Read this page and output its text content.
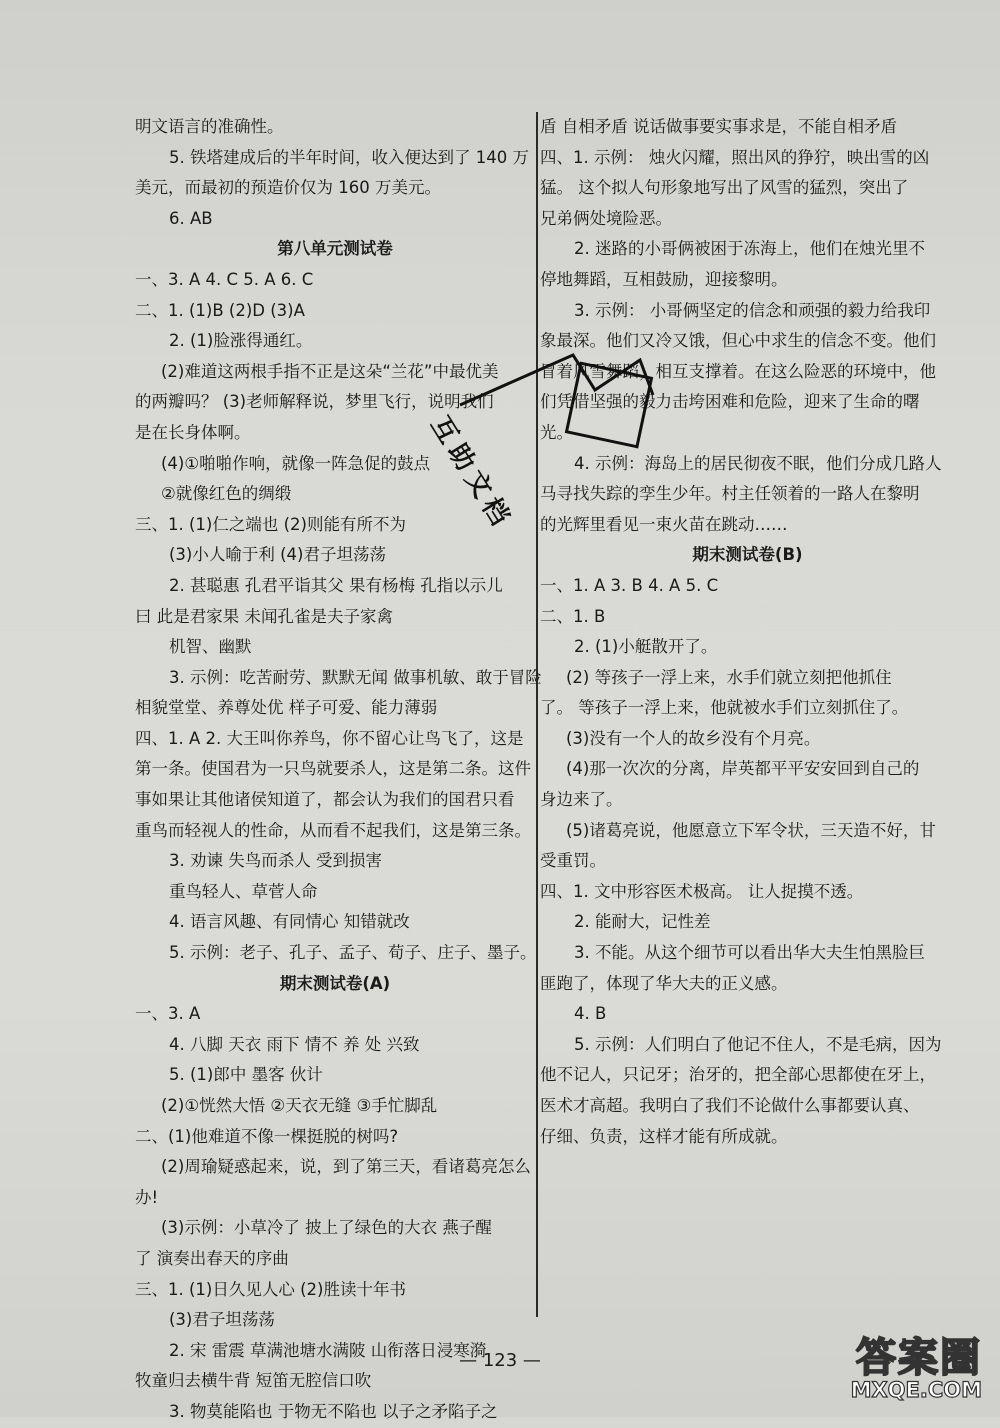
明文语言的准确性。
5. 铁塔建成后的半年时间，收入便达到了 140 万
美元，而最初的预造价仅为 160 万美元。
6. AB
第八单元测试卷
一、3. A 4. C 5. A 6. C
二、1. (1)B (2)D (3)A
2. (1)脸涨得通红。
(2)难道这两根手指不正是这朵“兰花”中最优美
的两瓣吗？ (3)老师解释说，梦里飞行，说明我们
是在长身体啊。
(4)①啪啪作响，就像一阵急促的鼓点
②就像红色的绸缎
三、1. (1)仁之端也 (2)则能有所不为
(3)小人喻于利 (4)君子坦荡荡
2. 甚聪惠 孔君平诣其父 果有杨梅 孔指以示儿
曰 此是君家果 未闻孔雀是夫子家禽
机智、幽默
3. 示例：吃苦耐劳、默默无闻 做事机敏、敢于冒险
相貌堂堂、养尊处优 样子可爱、能力薄弱
四、1. A 2. 大王叫你养鸟，你不留心让鸟飞了，这是
第一条。使国君为一只鸟就要杀人，这是第二条。这件
事如果让其他诸侯知道了，都会认为我们的国君只看
重鸟而轻视人的性命，从而看不起我们，这是第三条。
3. 劝谏 失鸟而杀人 受到损害
重鸟轻人、草菅人命
4. 语言风趣、有同情心 知错就改
5. 示例：老子、孔子、孟子、荀子、庄子、墨子。
期末测试卷(A)
一、3. A
4. 八脚 天衣 雨下 情不 养 处 兴致
5. (1)郎中 墨客 伙计
(2)①恍然大悟 ②天衣无缝 ③手忙脚乱
二、(1)他难道不像一棵挺脱的树吗?
(2)周瑜疑惑起来，说，到了第三天，看诸葛亮怎么
办!
(3)示例：小草冷了 披上了绿色的大衣 燕子醒
了 演奏出春天的序曲
三、1. (1)日久见人心 (2)胜读十年书
(3)君子坦荡荡
2. 宋 雷震 草满池塘水满陂 山衔落日浸寒漪
牧童归去横牛背 短笛无腔信口吹
3. 物莫能陷也 于物无不陷也 以子之矛陷子之
盾 自相矛盾 说话做事要实事求是，不能自相矛盾
四、1. 示例： 烛火闪耀，照出风的狰狞，映出雪的凶
猛。 这个拟人句形象地写出了风雪的猛烈，突出了
兄弟俩处境险恶。
2. 迷路的小哥俩被困于冻海上，他们在烛光里不
停地舞蹈，互相鼓励，迎接黎明。
3. 示例： 小哥俩坚定的信念和顽强的毅力给我印
象最深。他们又冷又饿，但心中求生的信念不变。他们
冒着风雪舞蹈，相互支撑着。在这么险恶的环境中，他
们凭借坚强的毅力击垮困难和危险，迎来了生命的曙
光。
4. 示例：海岛上的居民彻夜不眠，他们分成几路人
马寻找失踪的孪生少年。村主任领着的一路人在黎明
的光辉里看见一束火苗在跳动……
期末测试卷(B)
一、1. A 3. B 4. A 5. C
二、1. B
2. (1)小艇散开了。
(2) 等孩子一浮上来，水手们就立刻把他抓住
了。 等孩子一浮上来，他就被水手们立刻抓住了。
(3)没有一个人的故乡没有个月亮。
(4)那一次次的分离，岸英都平平安安回到自己的
身边来了。
(5)诸葛亮说，他愿意立下军令状，三天造不好，甘
受重罚。
四、1. 文中形容医术极高。 让人捉摸不透。
2. 能耐大，记性差
3. 不能。从这个细节可以看出华大夫生怕黑脸巨
匪跑了，体现了华大夫的正义感。
4. B
5. 示例：人们明白了他记不住人，不是毛病，因为
他不记人，只记牙；治牙的，把全部心思都使在牙上，
医术才高超。我明白了我们不论做什么事都要认真、
仔细、负责，这样才能有所成就。
互助文档
— 123 —	答案圈
MXQE.COM
